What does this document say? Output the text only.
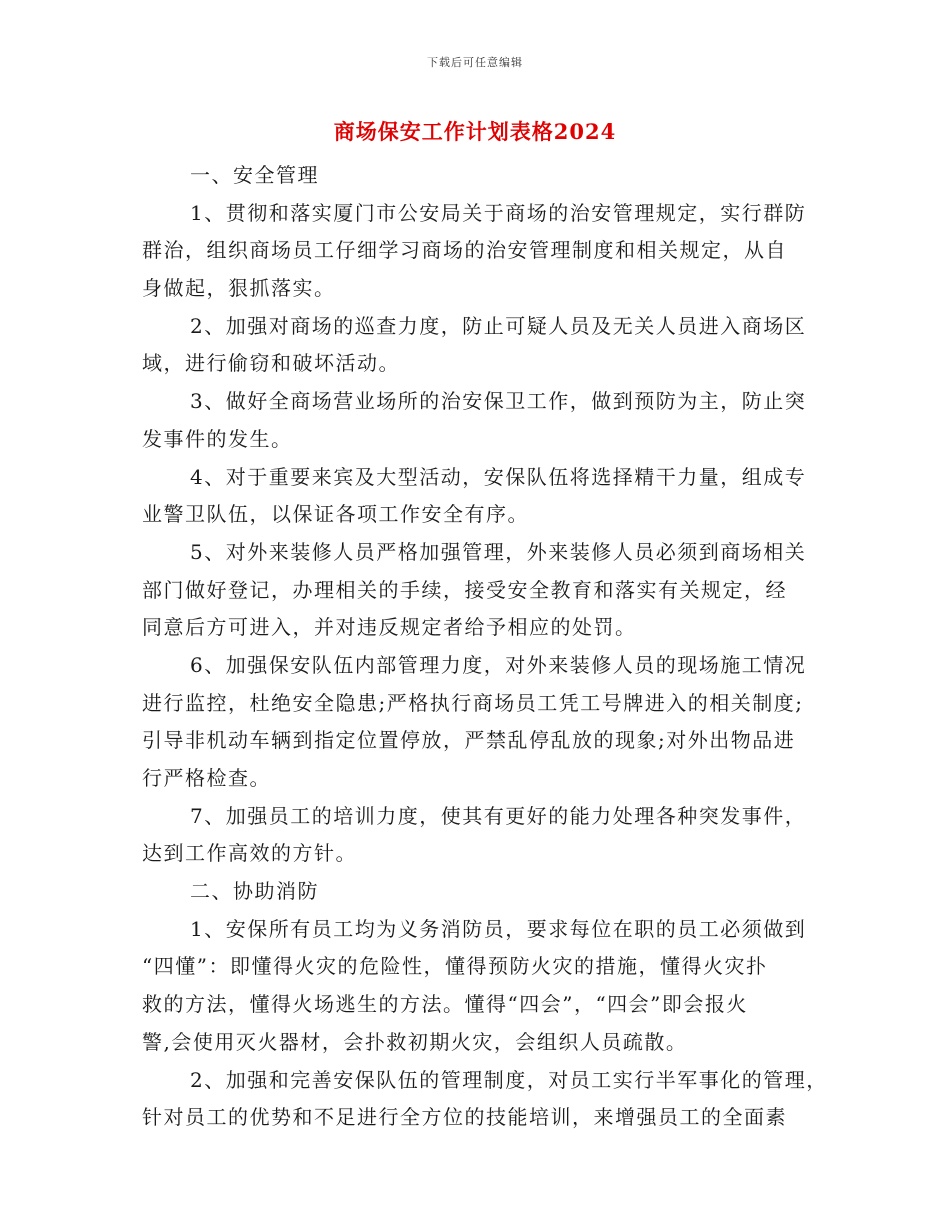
下载后可任意编辑
商场保安工作计划表格2024
一、安全管理
1、贯彻和落实厦门市公安局关于商场的治安管理规定，实行群防
群治，组织商场员工仔细学习商场的治安管理制度和相关规定，从自
身做起，狠抓落实。
2、加强对商场的巡查力度，防止可疑人员及无关人员进入商场区
域，进行偷窃和破坏活动。
3、做好全商场营业场所的治安保卫工作，做到预防为主，防止突
发事件的发生。
4、对于重要来宾及大型活动，安保队伍将选择精干力量，组成专
业警卫队伍，以保证各项工作安全有序。
5、对外来装修人员严格加强管理，外来装修人员必须到商场相关
部门做好登记，办理相关的手续，接受安全教育和落实有关规定，经
同意后方可进入，并对违反规定者给予相应的处罚。
6、加强保安队伍内部管理力度，对外来装修人员的现场施工情况
进行监控，杜绝安全隐患;严格执行商场员工凭工号牌进入的相关制度;
引导非机动车辆到指定位置停放，严禁乱停乱放的现象;对外出物品进
行严格检查。
7、加强员工的培训力度，使其有更好的能力处理各种突发事件，
达到工作高效的方针。
二、协助消防
1、安保所有员工均为义务消防员，要求每位在职的员工必须做到
“四懂”：即懂得火灾的危险性，懂得预防火灾的措施，懂得火灾扑
救的方法，懂得火场逃生的方法。懂得“四会”，“四会”即会报火
警,会使用灭火器材，会扑救初期火灾，会组织人员疏散。
2、加强和完善安保队伍的管理制度，对员工实行半军事化的管理，
针对员工的优势和不足进行全方位的技能培训，来增强员工的全面素
